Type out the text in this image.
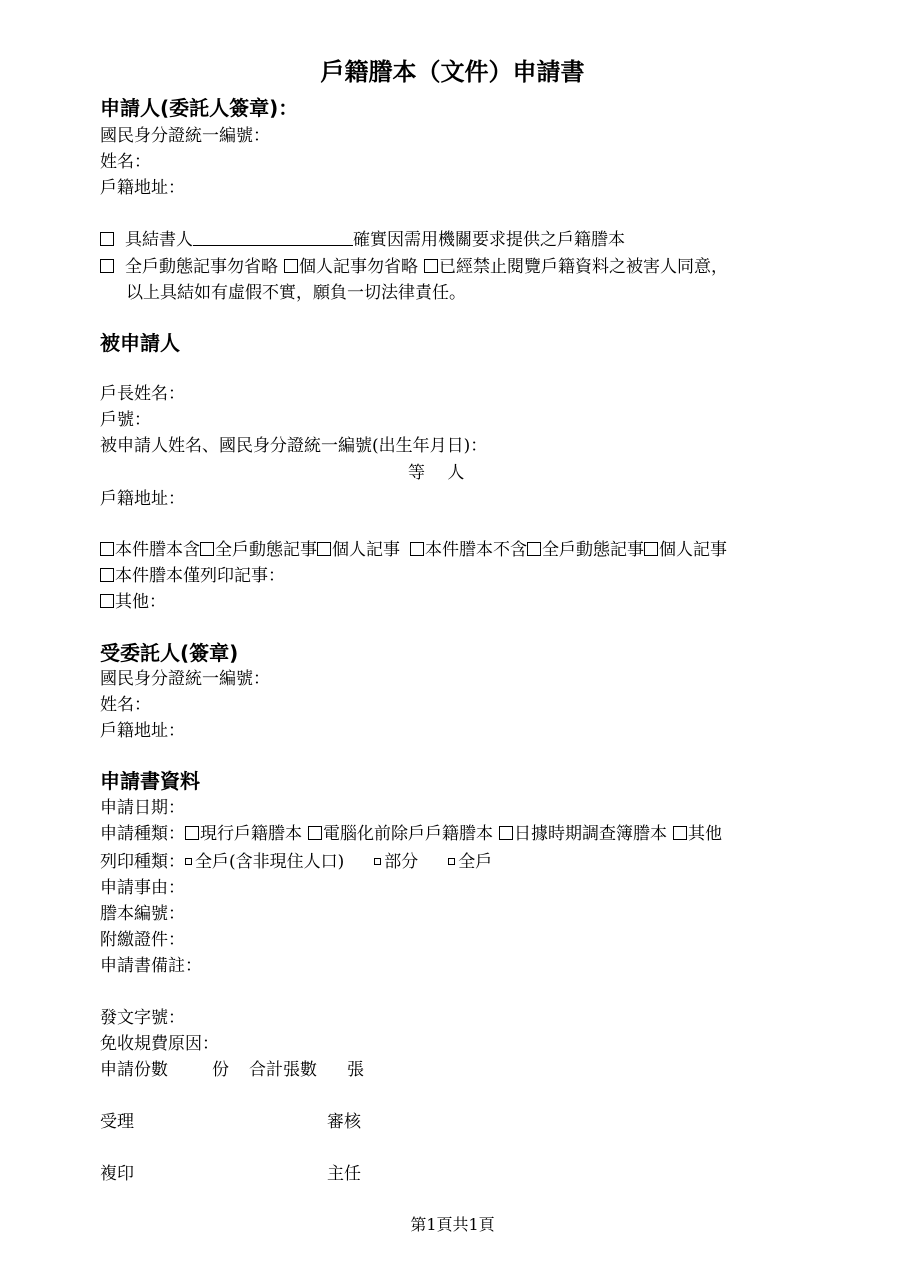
戶籍謄本（文件）申請書
申請人(委託人簽章)：
國民身分證統一編號：
姓名：
戶籍地址：
具結書人	確實因需用機關要求提供之戶籍謄本
全戶動態記事勿省略 個人記事勿省略 已經禁止閱覽戶籍資料之被害人同意，
以上具結如有虛假不實，願負一切法律責任。
被申請人
戶長姓名：
戶號：
被申請人姓名、國民身分證統一編號(出生年月日)：
等　 人
戶籍地址：
本件謄本含 全戶動態記事 個人記事 本件謄本不含 全戶動態記事 個人記事
本件謄本僅列印記事：
其他：
受委託人(簽章)
國民身分證統一編號：
姓名：
戶籍地址：
申請書資料
申請日期：
申請種類： 現行戶籍謄本 電腦化前除戶戶籍謄本 日據時期調查簿謄本 其他
列印種類： 全戶(含非現住人口) 部分 全戶
申請事由：
謄本編號：
附繳證件：
申請書備註：
發文字號：
免收規費原因：
申請份數	份 合計張數 張
受理	審核
複印	主任
第1頁共1頁
